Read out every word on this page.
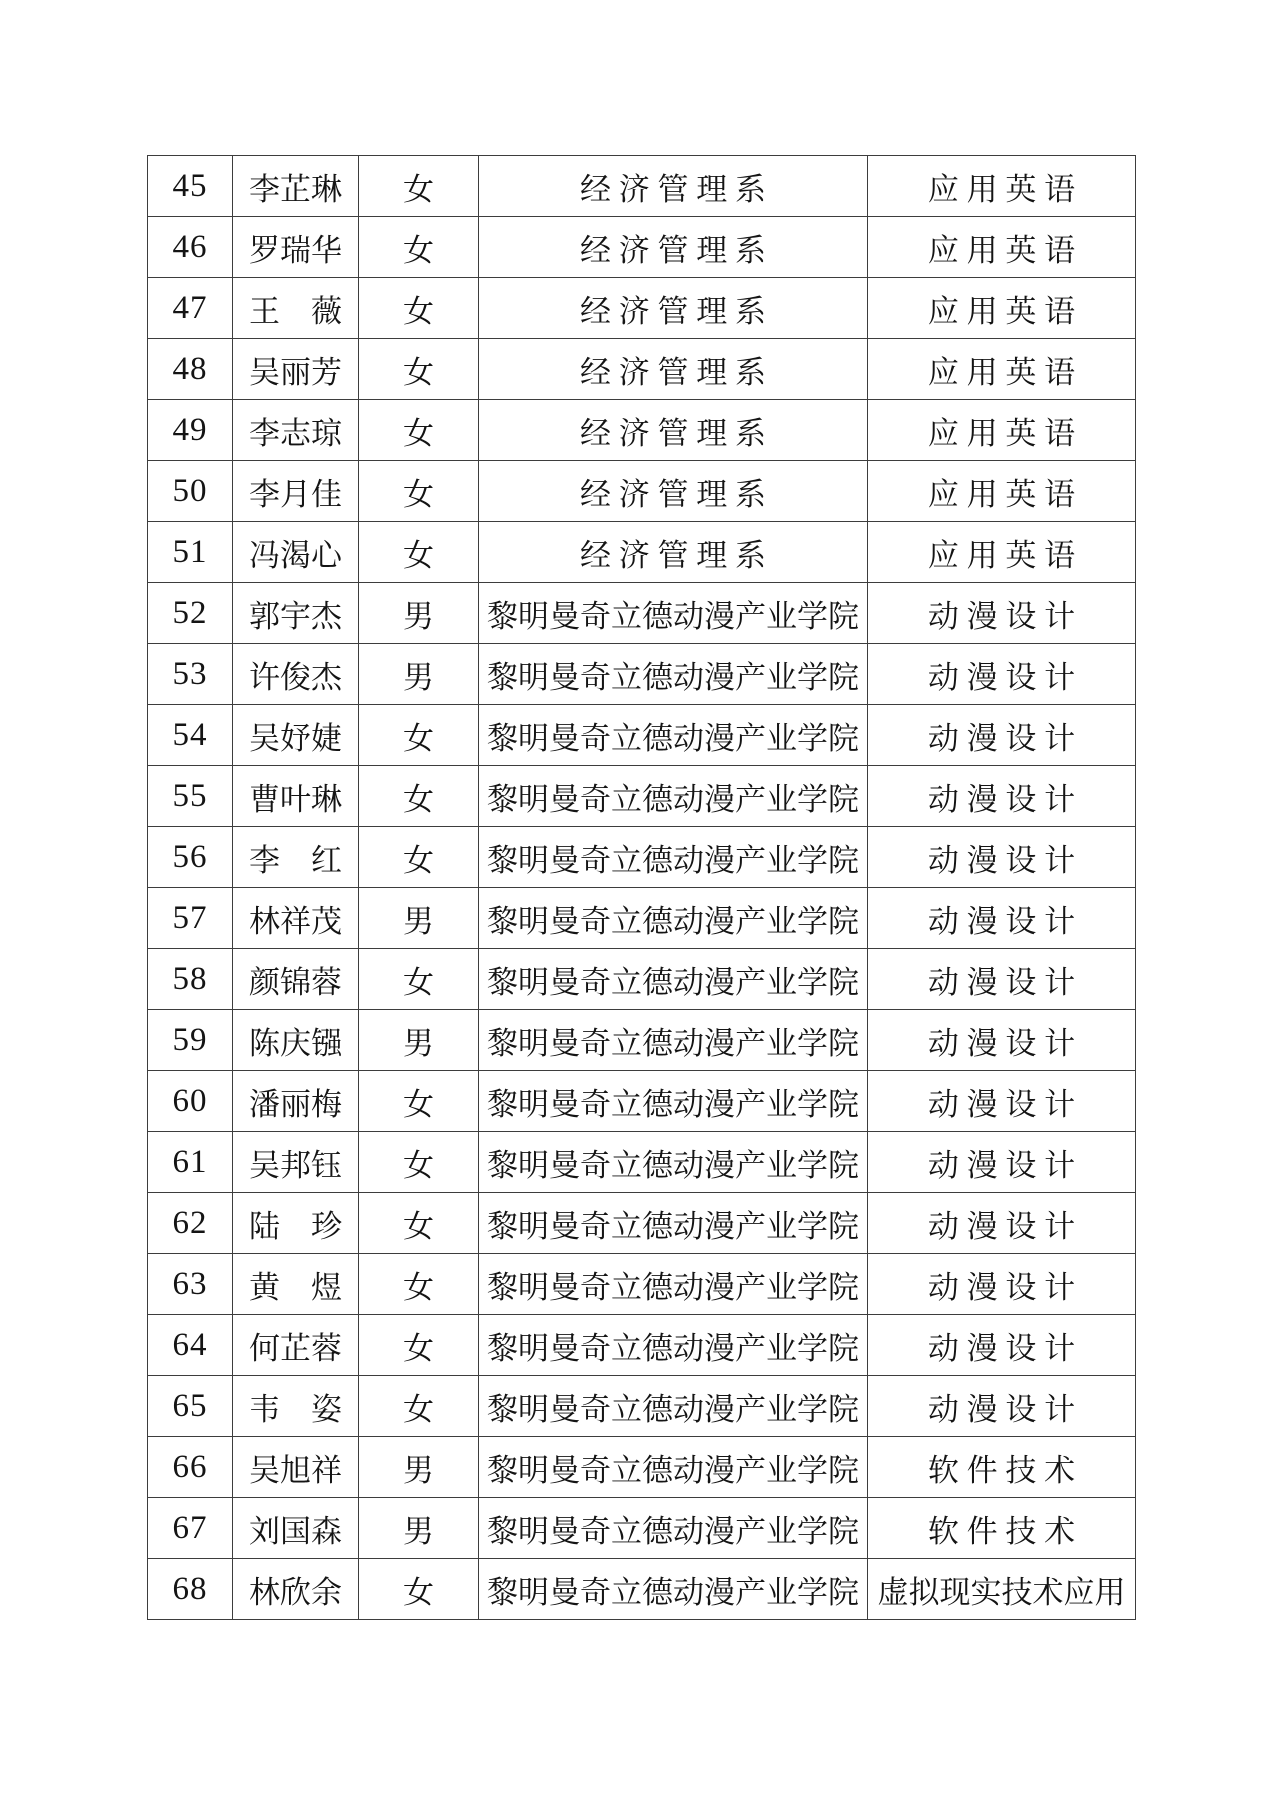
45	李芷琳	女	经 济 管 理 系	应 用 英 语
46	罗瑞华	女	经 济 管 理 系	应 用 英 语
47	王　薇	女	经 济 管 理 系	应 用 英 语
48	吴丽芳	女	经 济 管 理 系	应 用 英 语
49	李志琼	女	经 济 管 理 系	应 用 英 语
50	李月佳	女	经 济 管 理 系	应 用 英 语
51	冯渴心	女	经 济 管 理 系	应 用 英 语
52	郭宇杰	男	黎明曼奇立德动漫产业学院	动 漫 设 计
53	许俊杰	男	黎明曼奇立德动漫产业学院	动 漫 设 计
54	吴妤婕	女	黎明曼奇立德动漫产业学院	动 漫 设 计
55	曹叶琳	女	黎明曼奇立德动漫产业学院	动 漫 设 计
56	李　红	女	黎明曼奇立德动漫产业学院	动 漫 设 计
57	林祥茂	男	黎明曼奇立德动漫产业学院	动 漫 设 计
58	颜锦蓉	女	黎明曼奇立德动漫产业学院	动 漫 设 计
59	陈庆镪	男	黎明曼奇立德动漫产业学院	动 漫 设 计
60	潘丽梅	女	黎明曼奇立德动漫产业学院	动 漫 设 计
61	吴邦钰	女	黎明曼奇立德动漫产业学院	动 漫 设 计
62	陆　珍	女	黎明曼奇立德动漫产业学院	动 漫 设 计
63	黄　煜	女	黎明曼奇立德动漫产业学院	动 漫 设 计
64	何芷蓉	女	黎明曼奇立德动漫产业学院	动 漫 设 计
65	韦　姿	女	黎明曼奇立德动漫产业学院	动 漫 设 计
66	吴旭祥	男	黎明曼奇立德动漫产业学院	软 件 技 术
67	刘国森	男	黎明曼奇立德动漫产业学院	软 件 技 术
68	林欣余	女	黎明曼奇立德动漫产业学院	虚拟现实技术应用
